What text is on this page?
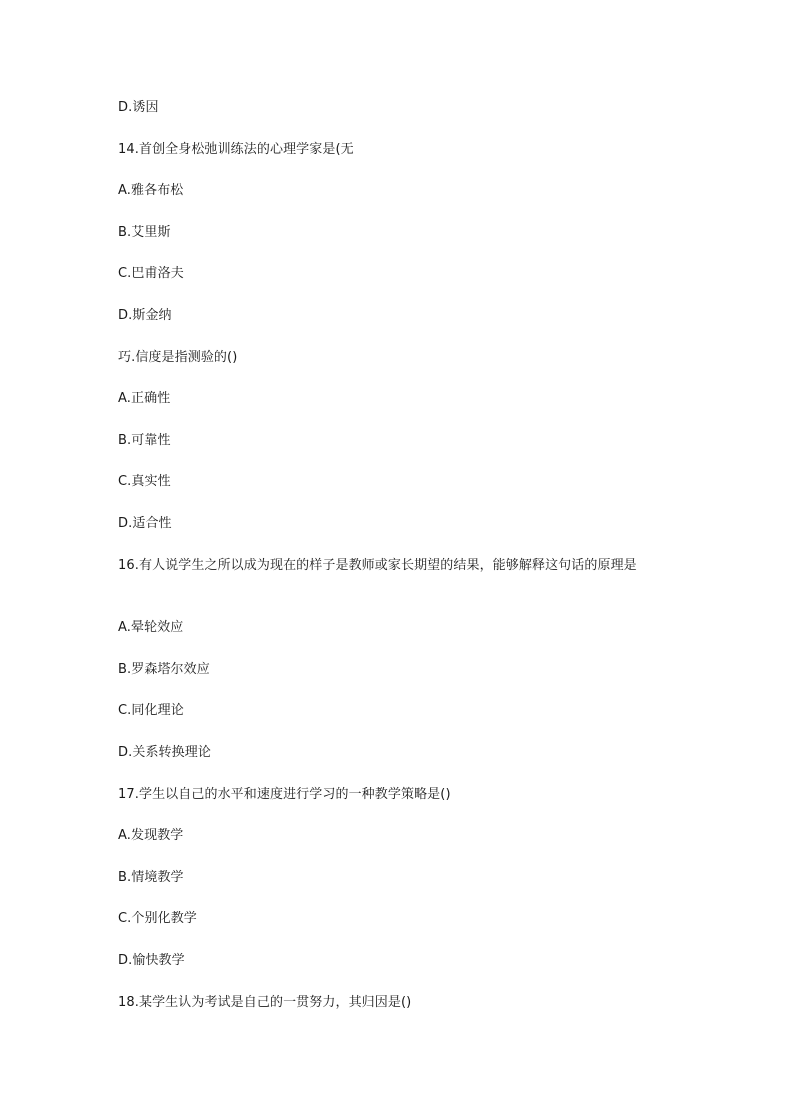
D.诱因
14.首创全身松弛训练法的心理学家是(无
A.雅各布松
B.艾里斯
C.巴甫洛夫
D.斯金纳
巧.信度是指测验的()
A.正确性
B.可靠性
C.真实性
D.适合性
16.有人说学生之所以成为现在的样子是教师或家长期望的结果，能够解释这句话的原理是
A.晕轮效应
B.罗森塔尔效应
C.同化理论
D.关系转换理论
17.学生以自己的水平和速度进行学习的一种教学策略是()
A.发现教学
B.情境教学
C.个别化教学
D.愉快教学
18.某学生认为考试是自己的一贯努力，其归因是()
